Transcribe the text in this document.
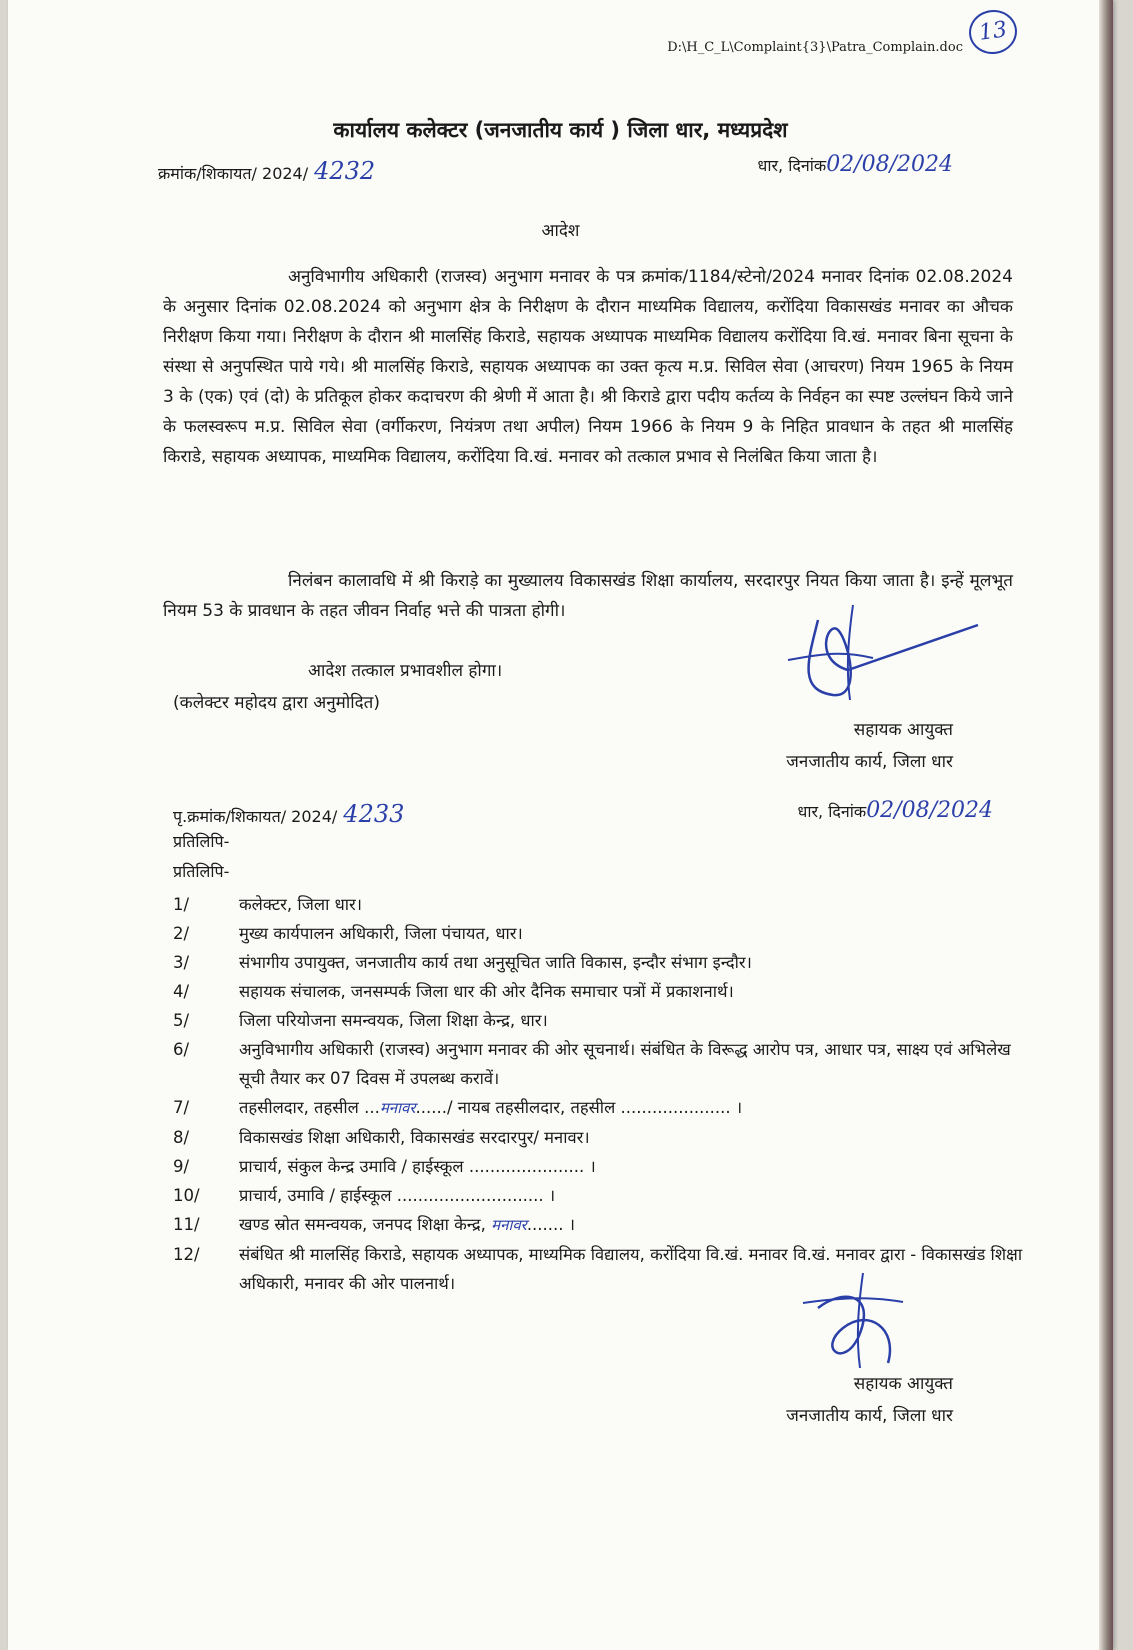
D:\H_C_L\Complaint{3}\Patra_Complain.doc
13
कार्यालय कलेक्टर (जनजातीय कार्य ) जिला धार, मध्यप्रदेश
क्रमांक/शिकायत/ 2024/ 4232	धार, दिनांक02/08/2024
आदेश
अनुविभागीय अधिकारी (राजस्व) अनुभाग मनावर के पत्र क्रमांक/1184/स्टेनो/2024 मनावर दिनांक 02.08.2024 के अनुसार दिनांक 02.08.2024 को अनुभाग क्षेत्र के निरीक्षण के दौरान माध्यमिक विद्यालय, करोंदिया विकासखंड मनावर का औचक निरीक्षण किया गया। निरीक्षण के दौरान श्री मालसिंह किराडे, सहायक अध्यापक माध्यमिक विद्यालय करोंदिया वि.खं. मनावर बिना सूचना के संस्था से अनुपस्थित पाये गये। श्री मालसिंह किराडे, सहायक अध्यापक का उक्त कृत्य म.प्र. सिविल सेवा (आचरण) नियम 1965 के नियम 3 के (एक) एवं (दो) के प्रतिकूल होकर कदाचरण की श्रेणी में आता है। श्री किराडे द्वारा पदीय कर्तव्य के निर्वहन का स्पष्ट उल्लंघन किये जाने के फलस्वरूप म.प्र. सिविल सेवा (वर्गीकरण, नियंत्रण तथा अपील) नियम 1966 के नियम 9 के निहित प्रावधान के तहत श्री मालसिंह किराडे, सहायक अध्यापक, माध्यमिक विद्यालय, करोंदिया वि.खं. मनावर को तत्काल प्रभाव से निलंबित किया जाता है।
निलंबन कालावधि में श्री किराड़े का मुख्यालय विकासखंड शिक्षा कार्यालय, सरदारपुर नियत किया जाता है। इन्हें मूलभूत नियम 53 के प्रावधान के तहत जीवन निर्वाह भत्ते की पात्रता होगी।
आदेश तत्काल प्रभावशील होगा।
(कलेक्टर महोदय द्वारा अनुमोदित)
सहायक आयुक्त
जनजातीय कार्य, जिला धार
पृ.क्रमांक/शिकायत/ 2024/ 4233	धार, दिनांक02/08/2024
प्रतिलिपि-
प्रतिलिपि-
1/	कलेक्टर, जिला धार।
2/	मुख्य कार्यपालन अधिकारी, जिला पंचायत, धार।
3/	संभागीय उपायुक्त, जनजातीय कार्य तथा अनुसूचित जाति विकास, इन्दौर संभाग इन्दौर।
4/	सहायक संचालक, जनसम्पर्क जिला धार की ओर दैनिक समाचार पत्रों में प्रकाशनार्थ।
5/	जिला परियोजना समन्वयक, जिला शिक्षा केन्द्र, धार।
6/	अनुविभागीय अधिकारी (राजस्व) अनुभाग मनावर की ओर सूचनार्थ। संबंधित के विरूद्ध आरोप पत्र, आधार पत्र, साक्ष्य एवं अभिलेख सूची तैयार कर 07 दिवस में उपलब्ध करावें।
7/	तहसीलदार, तहसील ...मनावर....../ नायब तहसीलदार, तहसील ..................... ।
8/	विकासखंड शिक्षा अधिकारी, विकासखंड सरदारपुर/ मनावर।
9/	प्राचार्य, संकुल केन्द्र उमावि / हाईस्कूल ...................... ।
10/	प्राचार्य, उमावि / हाईस्कूल ............................ ।
11/	खण्ड स्रोत समन्वयक, जनपद शिक्षा केन्द्र, मनावर....... ।
12/	संबंधित श्री मालसिंह किराडे, सहायक अध्यापक, माध्यमिक विद्यालय, करोंदिया वि.खं. मनावर वि.खं. मनावर द्वारा - विकासखंड शिक्षा अधिकारी, मनावर की ओर पालनार्थ।
सहायक आयुक्त
जनजातीय कार्य, जिला धार
